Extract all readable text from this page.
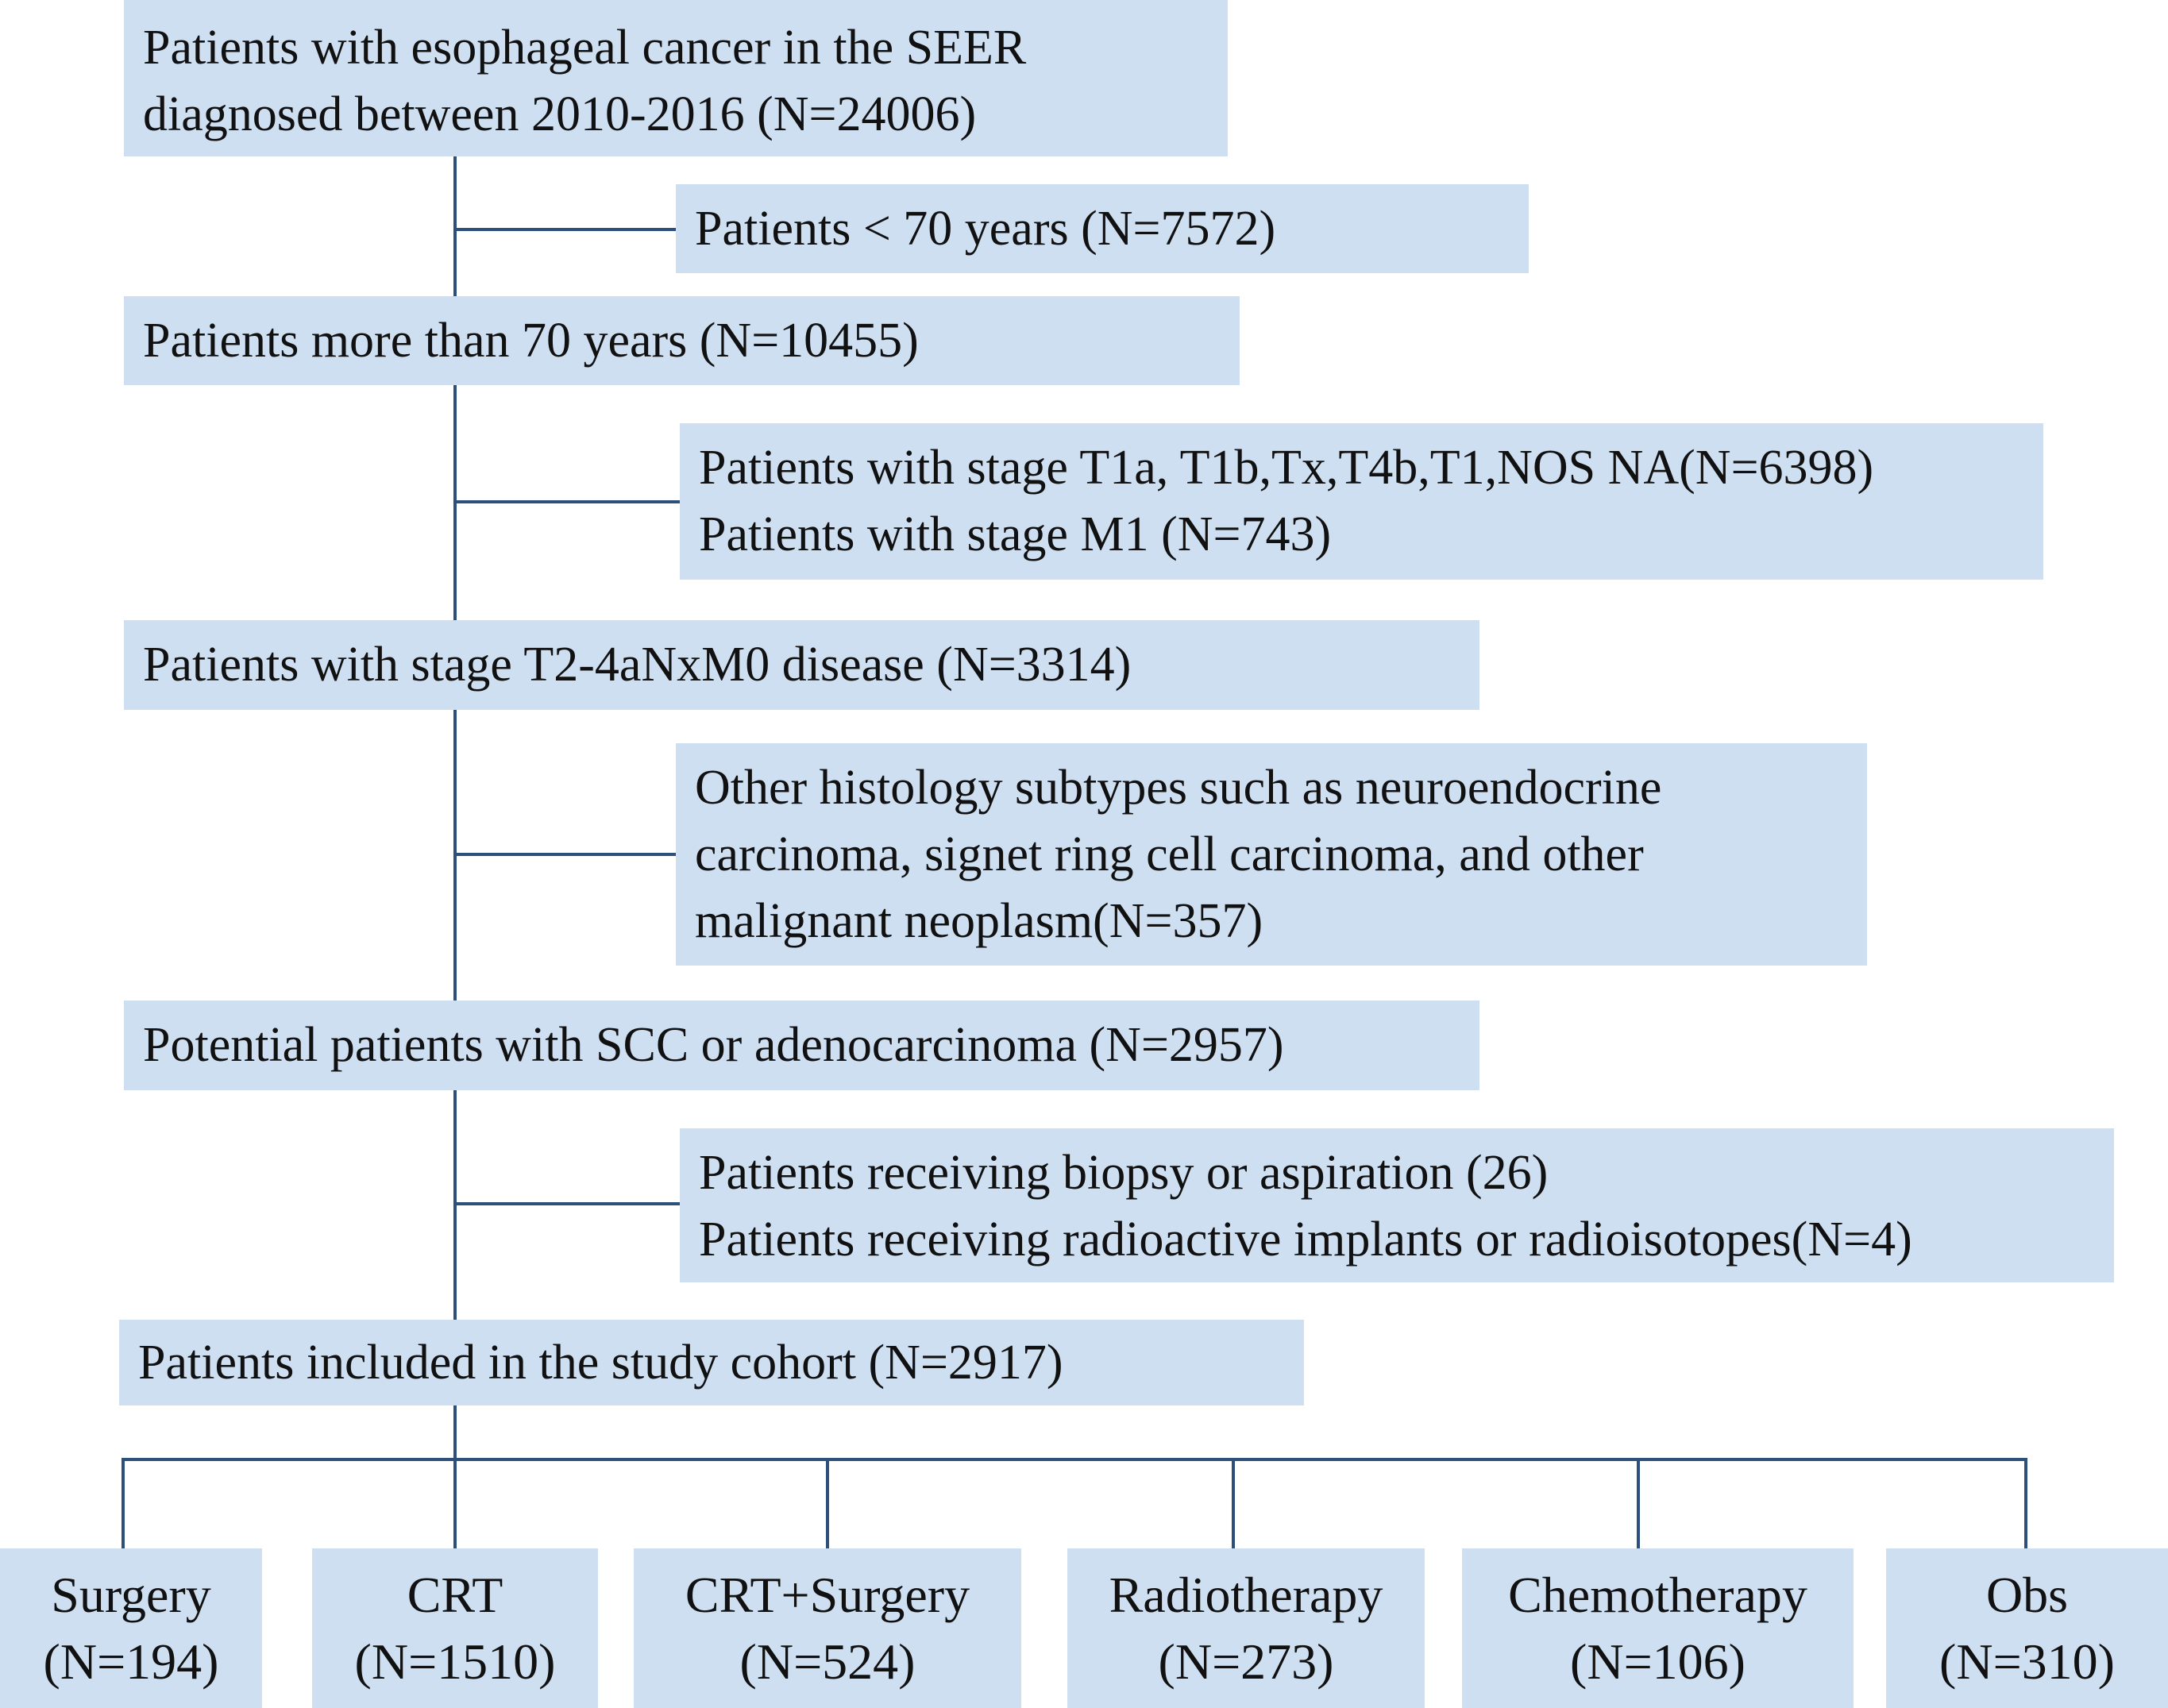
Patients with esophageal cancer in the SEER
diagnosed between 2010-2016 (N=24006)
Patients < 70 years (N=7572)
Patients more than 70 years (N=10455)
Patients with stage T1a, T1b,Tx,T4b,T1,NOS NA(N=6398)
Patients with stage M1 (N=743)
Patients with stage T2-4aNxM0 disease (N=3314)
Other histology subtypes such as neuroendocrine
carcinoma, signet ring cell carcinoma, and other
malignant neoplasm(N=357)
Potential patients with SCC or adenocarcinoma (N=2957)
Patients receiving biopsy or aspiration (26)
Patients receiving radioactive implants or radioisotopes(N=4)
Patients included in the study cohort (N=2917)
Surgery
(N=194)
CRT
(N=1510)
CRT+Surgery
(N=524)
Radiotherapy
(N=273)
Chemotherapy
(N=106)
Obs
(N=310)
